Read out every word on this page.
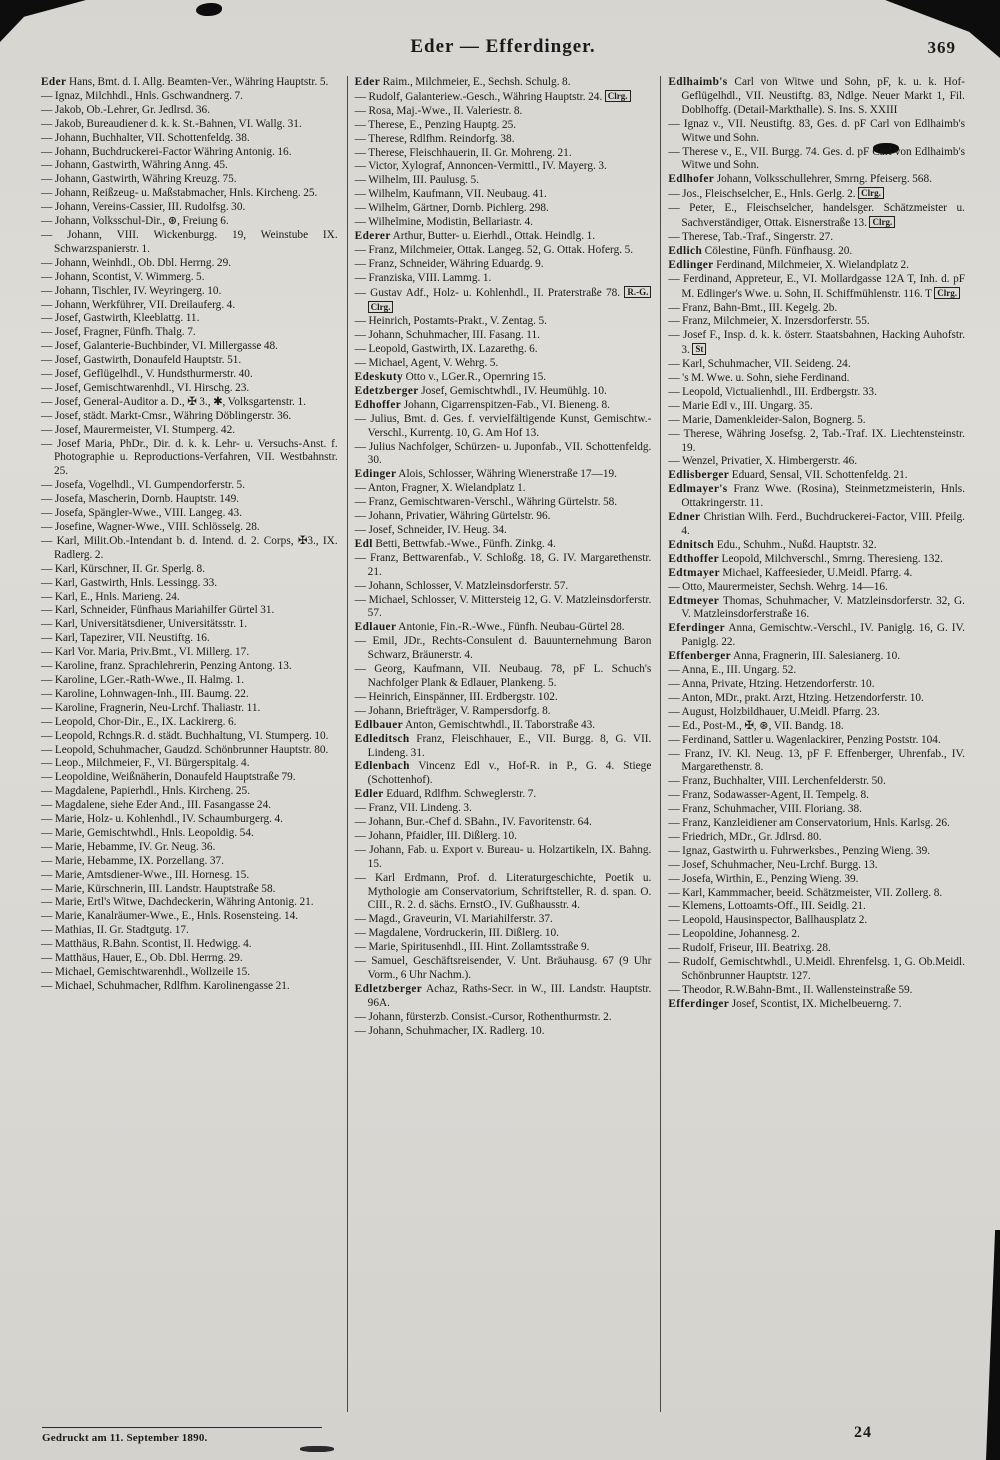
Eder — Efferdinger.	369

Eder Hans, Bmt. d. I. Allg. Beamten-Ver., Währing Hauptstr. 5.

— Ignaz, Milchhdl., Hnls. Gschwandnerg. 7.

— Jakob, Ob.-Lehrer, Gr. Jedlrsd. 36.

— Jakob, Bureaudiener d. k. k. St.-Bahnen, VI. Wallg. 31.

— Johann, Buchhalter, VII. Schottenfeldg. 38.

— Johann, Buchdruckerei-Factor Währing Antonig. 16.

— Johann, Gastwirth, Währing Anng. 45.

— Johann, Gastwirth, Währing Kreuzg. 75.

— Johann, Reißzeug- u. Maßstabmacher, Hnls. Kircheng. 25.

— Johann, Vereins-Cassier, III. Rudolfsg. 30.

— Johann, Volksschul-Dir., ⊛, Freiung 6.

— Johann, VIII. Wickenburgg. 19, Weinstube IX. Schwarzspanierstr. 1.

— Johann, Weinhdl., Ob. Dbl. Herrng. 29.

— Johann, Scontist, V. Wimmerg. 5.

— Johann, Tischler, IV. Weyringerg. 10.

— Johann, Werkführer, VII. Dreilauferg. 4.

— Josef, Gastwirth, Kleeblattg. 11.

— Josef, Fragner, Fünfh. Thalg. 7.

— Josef, Galanterie-Buchbinder, VI. Millergasse 48.

— Josef, Gastwirth, Donaufeld Hauptstr. 51.

— Josef, Geflügelhdl., V. Hundsthurmerstr. 40.

— Josef, Gemischtwarenhdl., VI. Hirschg. 23.

— Josef, General-Auditor a. D., ✠ 3., ✱, Volksgartenstr. 1.

— Josef, städt. Markt-Cmsr., Währing Döblingerstr. 36.

— Josef, Maurermeister, VI. Stumperg. 42.

— Josef Maria, PhDr., Dir. d. k. k. Lehr- u. Versuchs-Anst. f. Photographie u. Reproductions-Verfahren, VII. Westbahnstr. 25.

— Josefa, Vogelhdl., VI. Gumpendorferstr. 5.

— Josefa, Mascherin, Dornb. Hauptstr. 149.

— Josefa, Spängler-Wwe., VIII. Langeg. 43.

— Josefine, Wagner-Wwe., VIII. Schlösselg. 28.

— Karl, Milit.Ob.-Intendant b. d. Intend. d. 2. Corps, ✠3., IX. Radlerg. 2.

— Karl, Kürschner, II. Gr. Sperlg. 8.

— Karl, Gastwirth, Hnls. Lessingg. 33.

— Karl, E., Hnls. Marieng. 24.

— Karl, Schneider, Fünfhaus Mariahilfer Gürtel 31.

— Karl, Universitätsdiener, Universitätsstr. 1.

— Karl, Tapezirer, VII. Neustiftg. 16.

— Karl Vor. Maria, Priv.Bmt., VI. Millerg. 17.

— Karoline, franz. Sprachlehrerin, Penzing Antong. 13.

— Karoline, LGer.-Rath-Wwe., II. Halmg. 1.

— Karoline, Lohnwagen-Inh., III. Baumg. 22.

— Karoline, Fragnerin, Neu-Lrchf. Thaliastr. 11.

— Leopold, Chor-Dir., E., IX. Lackirerg. 6.

— Leopold, Rchngs.R. d. städt. Buchhaltung, VI. Stumperg. 10.

— Leopold, Schuhmacher, Gaudzd. Schönbrunner Hauptstr. 80.

— Leop., Milchmeier, F., VI. Bürgerspitalg. 4.

— Leopoldine, Weißnäherin, Donaufeld Hauptstraße 79.

— Magdalene, Papierhdl., Hnls. Kircheng. 25.

— Magdalene, siehe Eder And., III. Fasangasse 24.

— Marie, Holz- u. Kohlenhdl., IV. Schaumburgerg. 4.

— Marie, Gemischtwhdl., Hnls. Leopoldig. 54.

— Marie, Hebamme, IV. Gr. Neug. 36.

— Marie, Hebamme, IX. Porzellang. 37.

— Marie, Amtsdiener-Wwe., III. Hornesg. 15.

— Marie, Kürschnerin, III. Landstr. Hauptstraße 58.

— Marie, Ertl's Witwe, Dachdeckerin, Währing Antonig. 21.

— Marie, Kanalräumer-Wwe., E., Hnls. Rosensteing. 14.

— Mathias, II. Gr. Stadtgutg. 17.

— Matthäus, R.Bahn. Scontist, II. Hedwigg. 4.

— Matthäus, Hauer, E., Ob. Dbl. Herrng. 29.

— Michael, Gemischtwarenhdl., Wollzeile 15.

— Michael, Schuhmacher, Rdlfhm. Karolinengasse 21.

Eder Raim., Milchmeier, E., Sechsh. Schulg. 8.

— Rudolf, Galanteriew.-Gesch., Währing Hauptstr. 24. Clrg.

— Rosa, Maj.-Wwe., II. Valeriestr. 8.

— Therese, E., Penzing Hauptg. 25.

— Therese, Rdlfhm. Reindorfg. 38.

— Therese, Fleischhauerin, II. Gr. Mohreng. 21.

— Victor, Xylograf, Annoncen-Vermittl., IV. Mayerg. 3.

— Wilhelm, III. Paulusg. 5.

— Wilhelm, Kaufmann, VII. Neubaug. 41.

— Wilhelm, Gärtner, Dornb. Pichlerg. 298.

— Wilhelmine, Modistin, Bellariastr. 4.

Ederer Arthur, Butter- u. Eierhdl., Ottak. Heindlg. 1.

— Franz, Milchmeier, Ottak. Langeg. 52, G. Ottak. Hoferg. 5.

— Franz, Schneider, Währing Eduardg. 9.

— Franziska, VIII. Lammg. 1.

— Gustav Adf., Holz- u. Kohlenhdl., II. Praterstraße 78. R.-G. Clrg.

— Heinrich, Postamts-Prakt., V. Zentag. 5.

— Johann, Schuhmacher, III. Fasang. 11.

— Leopold, Gastwirth, IX. Lazarethg. 6.

— Michael, Agent, V. Wehrg. 5.

Edeskuty Otto v., LGer.R., Opernring 15.

Edetzberger Josef, Gemischtwhdl., IV. Heumühlg. 10.

Edhoffer Johann, Cigarrenspitzen-Fab., VI. Bieneng. 8.

— Julius, Bmt. d. Ges. f. vervielfältigende Kunst, Gemischtw.-Verschl., Kurrentg. 10, G. Am Hof 13.

— Julius Nachfolger, Schürzen- u. Juponfab., VII. Schottenfeldg. 30.

Edinger Alois, Schlosser, Währing Wienerstraße 17—19.

— Anton, Fragner, X. Wielandplatz 1.

— Franz, Gemischtwaren-Verschl., Währing Gürtelstr. 58.

— Johann, Privatier, Währing Gürtelstr. 96.

— Josef, Schneider, IV. Heug. 34.

Edl Betti, Bettwfab.-Wwe., Fünfh. Zinkg. 4.

— Franz, Bettwarenfab., V. Schloßg. 18, G. IV. Margarethenstr. 21.

— Johann, Schlosser, V. Matzleinsdorferstr. 57.

— Michael, Schlosser, V. Mittersteig 12, G. V. Matzleinsdorferstr. 57.

Edlauer Antonie, Fin.-R.-Wwe., Fünfh. Neubau-Gürtel 28.

— Emil, JDr., Rechts-Consulent d. Bauunternehmung Baron Schwarz, Bräunerstr. 4.

— Georg, Kaufmann, VII. Neubaug. 78, pF L. Schuch's Nachfolger Plank & Edlauer, Plankeng. 5.

— Heinrich, Einspänner, III. Erdbergstr. 102.

— Johann, Briefträger, V. Rampersdorfg. 8.

Edlbauer Anton, Gemischtwhdl., II. Taborstraße 43.

Edleditsch Franz, Fleischhauer, E., VII. Burgg. 8, G. VII. Lindeng. 31.

Edlenbach Vincenz Edl v., Hof-R. in P., G. 4. Stiege (Schottenhof).

Edler Eduard, Rdlfhm. Schweglerstr. 7.

— Franz, VII. Lindeng. 3.

— Johann, Bur.-Chef d. SBahn., IV. Favoritenstr. 64.

— Johann, Pfaidler, III. Dißlerg. 10.

— Johann, Fab. u. Export v. Bureau- u. Holzartikeln, IX. Bahng. 15.

— Karl Erdmann, Prof. d. Literaturgeschichte, Poetik u. Mythologie am Conservatorium, Schriftsteller, R. d. span. O. CIII., R. 2. d. sächs. ErnstO., IV. Gußhausstr. 4.

— Magd., Graveurin, VI. Mariahilferstr. 37.

— Magdalene, Vordruckerin, III. Dißlerg. 10.

— Marie, Spiritusenhdl., III. Hint. Zollamtsstraße 9.

— Samuel, Geschäftsreisender, V. Unt. Bräuhausg. 67 (9 Uhr Vorm., 6 Uhr Nachm.).

Edletzberger Achaz, Raths-Secr. in W., III. Landstr. Hauptstr. 96A.

— Johann, fürsterzb. Consist.-Cursor, Rothenthurmstr. 2.

— Johann, Schuhmacher, IX. Radlerg. 10.

Edlhaimb's Carl von Witwe und Sohn, pF, k. u. k. Hof-Geflügelhdl., VII. Neustiftg. 83, Ndlge. Neuer Markt 1, Fil. Doblhoffg. (Detail-Markthalle). S. Ins. S. XXIII

— Ignaz v., VII. Neustiftg. 83, Ges. d. pF Carl von Edlhaimb's Witwe und Sohn.

— Therese v., E., VII. Burgg. 74. Ges. d. pF Carl von Edlhaimb's Witwe und Sohn.

Edlhofer Johann, Volksschullehrer, Smrng. Pfeiserg. 568.

— Jos., Fleischselcher, E., Hnls. Gerlg. 2. Clrg.

— Peter, E., Fleischselcher, handelsger. Schätzmeister u. Sachverständiger, Ottak. Eisnerstraße 13. Clrg.

— Therese, Tab.-Traf., Singerstr. 27.

Edlich Cölestine, Fünfh. Fünfhausg. 20.

Edlinger Ferdinand, Milchmeier, X. Wielandplatz 2.

— Ferdinand, Appreteur, E., VI. Mollardgasse 12A T, Inh. d. pF M. Edlinger's Wwe. u. Sohn, II. Schiffmühlenstr. 116. T Clrg.

— Franz, Bahn-Bmt., III. Kegelg. 2b.

— Franz, Milchmeier, X. Inzersdorferstr. 55.

— Josef F., Insp. d. k. k. österr. Staatsbahnen, Hacking Auhofstr. 3. St

— Karl, Schuhmacher, VII. Seideng. 24.

— 's M. Wwe. u. Sohn, siehe Ferdinand.

— Leopold, Victualienhdl., III. Erdbergstr. 33.

— Marie Edl v., III. Ungarg. 35.

— Marie, Damenkleider-Salon, Bognerg. 5.

— Therese, Währing Josefsg. 2, Tab.-Traf. IX. Liechtensteinstr. 19.

— Wenzel, Privatier, X. Himbergerstr. 46.

Edlisberger Eduard, Sensal, VII. Schottenfeldg. 21.

Edlmayer's Franz Wwe. (Rosina), Steinmetzmeisterin, Hnls. Ottakringerstr. 11.

Edner Christian Wilh. Ferd., Buchdruckerei-Factor, VIII. Pfeilg. 4.

Ednitsch Edu., Schuhm., Nußd. Hauptstr. 32.

Edthoffer Leopold, Milchverschl., Smrng. Theresieng. 132.

Edtmayer Michael, Kaffeesieder, U.Meidl. Pfarrg. 4.

— Otto, Maurermeister, Sechsh. Wehrg. 14—16.

Edtmeyer Thomas, Schuhmacher, V. Matzleinsdorferstr. 32, G. V. Matzleinsdorferstraße 16.

Eferdinger Anna, Gemischtw.-Verschl., IV. Paniglg. 16, G. IV. Paniglg. 22.

Effenberger Anna, Fragnerin, III. Salesianerg. 10.

— Anna, E., III. Ungarg. 52.

— Anna, Private, Htzing. Hetzendorferstr. 10.

— Anton, MDr., prakt. Arzt, Htzing. Hetzendorferstr. 10.

— August, Holzbildhauer, U.Meidl. Pfarrg. 23.

— Ed., Post-M., ✠, ⊛, VII. Bandg. 18.

— Ferdinand, Sattler u. Wagenlackirer, Penzing Poststr. 104.

— Franz, IV. Kl. Neug. 13, pF F. Effenberger, Uhrenfab., IV. Margarethenstr. 8.

— Franz, Buchhalter, VIII. Lerchenfelderstr. 50.

— Franz, Sodawasser-Agent, II. Tempelg. 8.

— Franz, Schuhmacher, VIII. Floriang. 38.

— Franz, Kanzleidiener am Conservatorium, Hnls. Karlsg. 26.

— Friedrich, MDr., Gr. Jdlrsd. 80.

— Ignaz, Gastwirth u. Fuhrwerksbes., Penzing Wieng. 39.

— Josef, Schuhmacher, Neu-Lrchf. Burgg. 13.

— Josefa, Wirthin, E., Penzing Wieng. 39.

— Karl, Kammmacher, beeid. Schätzmeister, VII. Zollerg. 8.

— Klemens, Lottoamts-Off., III. Seidlg. 21.

— Leopold, Hausinspector, Ballhausplatz 2.

— Leopoldine, Johannesg. 2.

— Rudolf, Friseur, III. Beatrixg. 28.

— Rudolf, Gemischtwhdl., U.Meidl. Ehrenfelsg. 1, G. Ob.Meidl. Schönbrunner Hauptstr. 127.

— Theodor, R.W.Bahn-Bmt., II. Wallensteinstraße 59.

Efferdinger Josef, Scontist, IX. Michelbeuerng. 7.

Gedruckt am 11. September 1890.	24
